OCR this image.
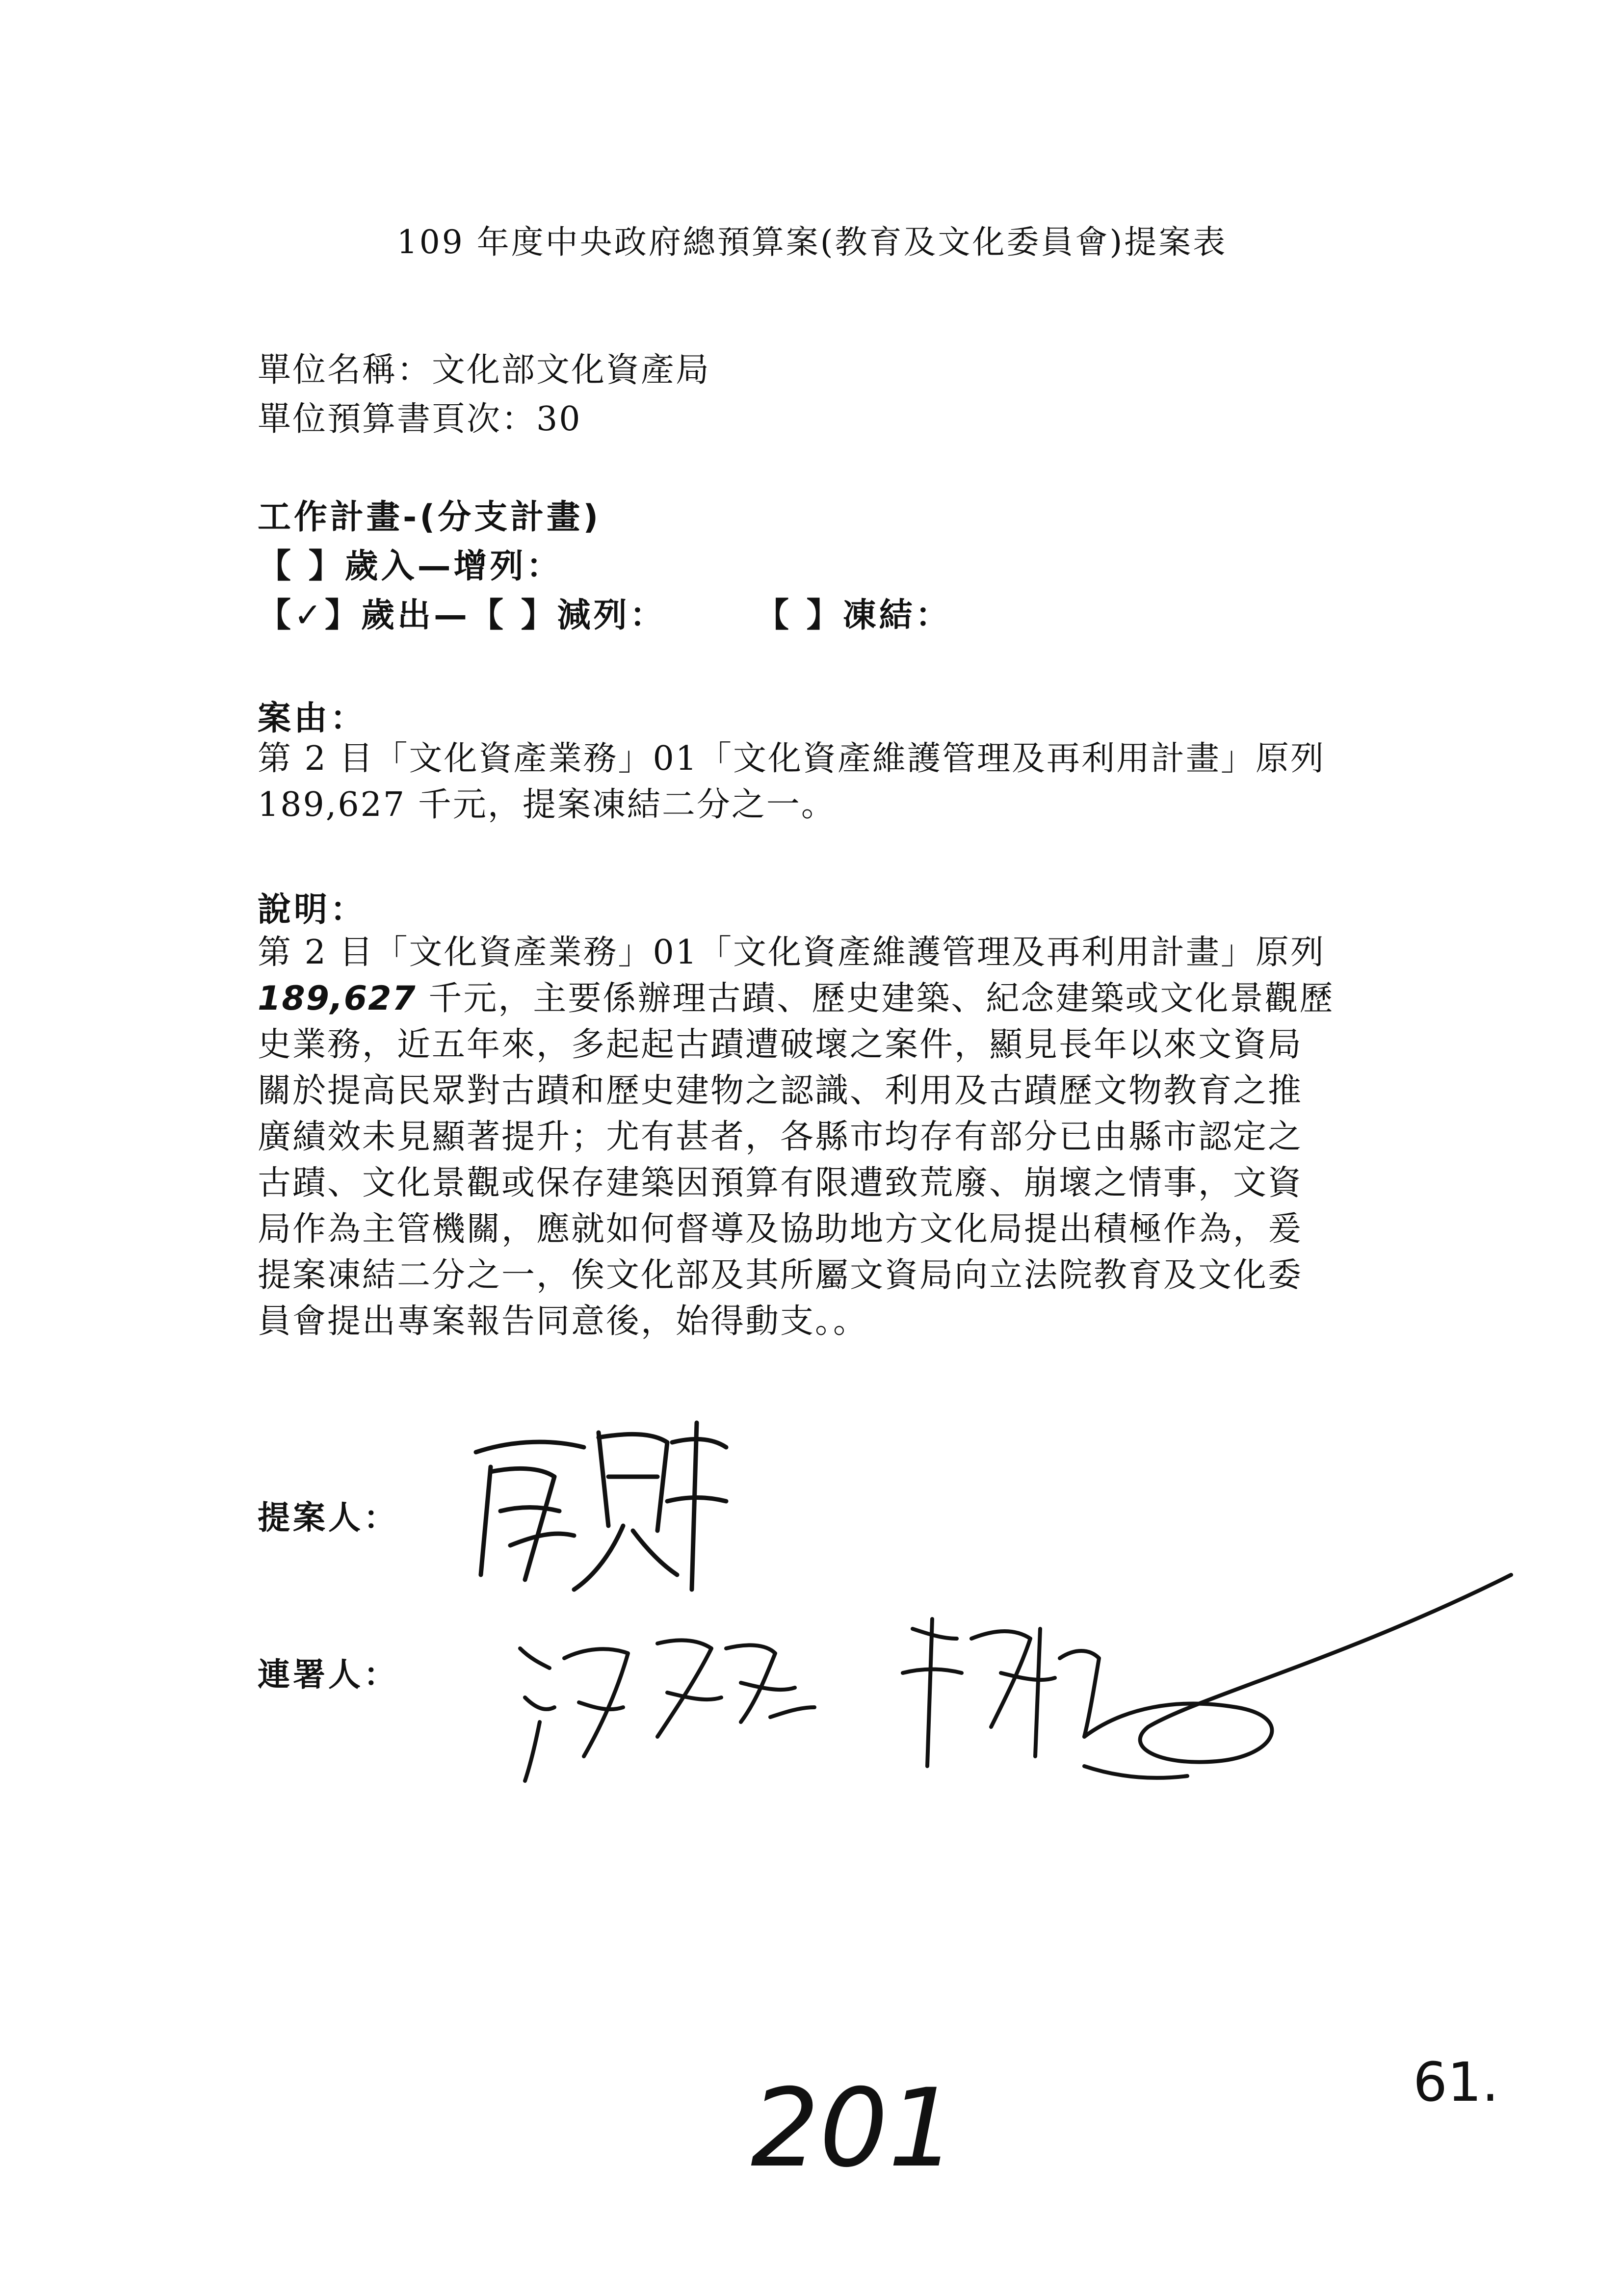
109 年度中央政府總預算案(教育及文化委員會)提案表
單位名稱：文化部文化資產局
單位預算書頁次：30
工作計畫-(分支計畫)
【 】歲入—增列：
【✓】歲出—【 】減列：	【 】凍結：
案由：
第 2 目「文化資產業務」01「文化資產維護管理及再利用計畫」原列
189,627 千元，提案凍結二分之一。
說明：
第 2 目「文化資產業務」01「文化資產維護管理及再利用計畫」原列
189,627 千元，主要係辦理古蹟、歷史建築、紀念建築或文化景觀歷
史業務，近五年來，多起起古蹟遭破壞之案件，顯見長年以來文資局
關於提高民眾對古蹟和歷史建物之認識、利用及古蹟歷文物教育之推
廣績效未見顯著提升；尤有甚者，各縣市均存有部分已由縣市認定之
古蹟、文化景觀或保存建築因預算有限遭致荒廢、崩壞之情事，文資
局作為主管機關，應就如何督導及協助地方文化局提出積極作為，爰
提案凍結二分之一，俟文化部及其所屬文資局向立法院教育及文化委
員會提出專案報告同意後，始得動支。。
提案人：
連署人：
201	61.
